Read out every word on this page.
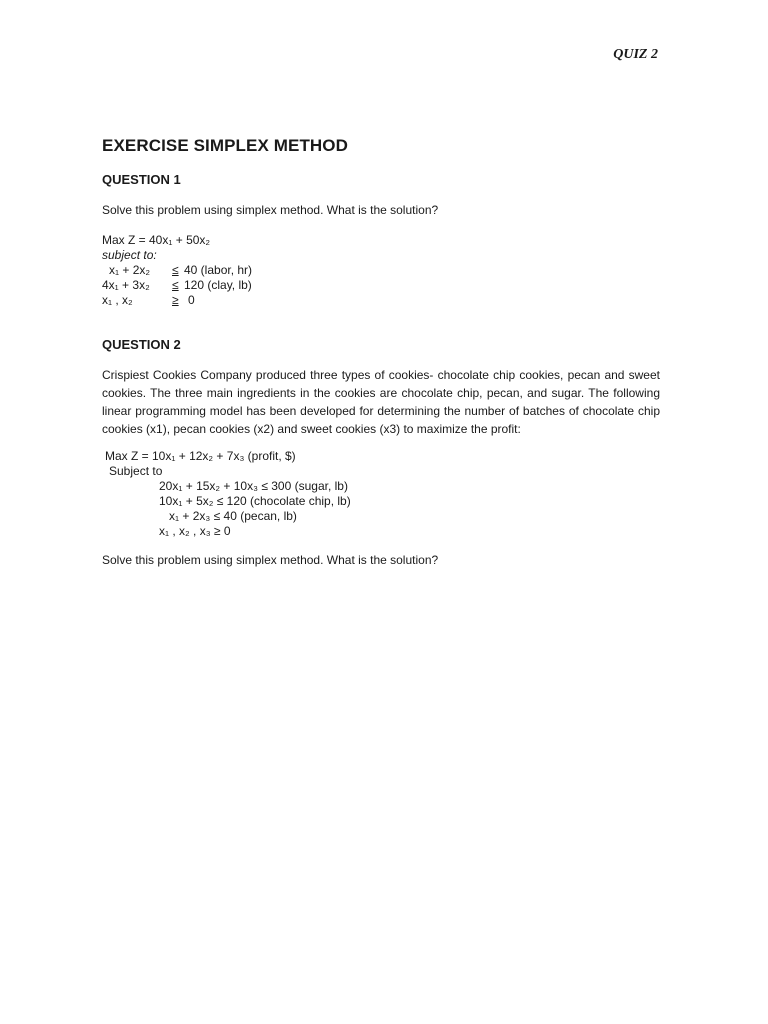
QUIZ 2
EXERCISE SIMPLEX METHOD
QUESTION 1
Solve this problem using simplex method. What is the solution?
Max Z = 40x₁ + 50x₂
subject to:
x₁ + 2x₂ ≤ 40 (labor, hr)
4x₁ + 3x₂ ≤ 120 (clay, lb)
x₁ , x₂	≥ 0
QUESTION 2
Crispiest Cookies Company produced three types of cookies- chocolate chip cookies, pecan and sweet cookies. The three main ingredients in the cookies are chocolate chip, pecan, and sugar. The following linear programming model has been developed for determining the number of batches of chocolate chip cookies (x1), pecan cookies (x2) and sweet cookies (x3) to maximize the profit:
Max Z = 10x₁ + 12x₂ + 7x₃ (profit, $)
Subject to
20x₁ + 15x₂ + 10x₃ ≤ 300 (sugar, lb)
10x₁ + 5x₂ ≤ 120 (chocolate chip, lb)
x₁ + 2x₃ ≤ 40 (pecan, lb)
x₁ , x₂ , x₃ ≥ 0
Solve this problem using simplex method. What is the solution?
